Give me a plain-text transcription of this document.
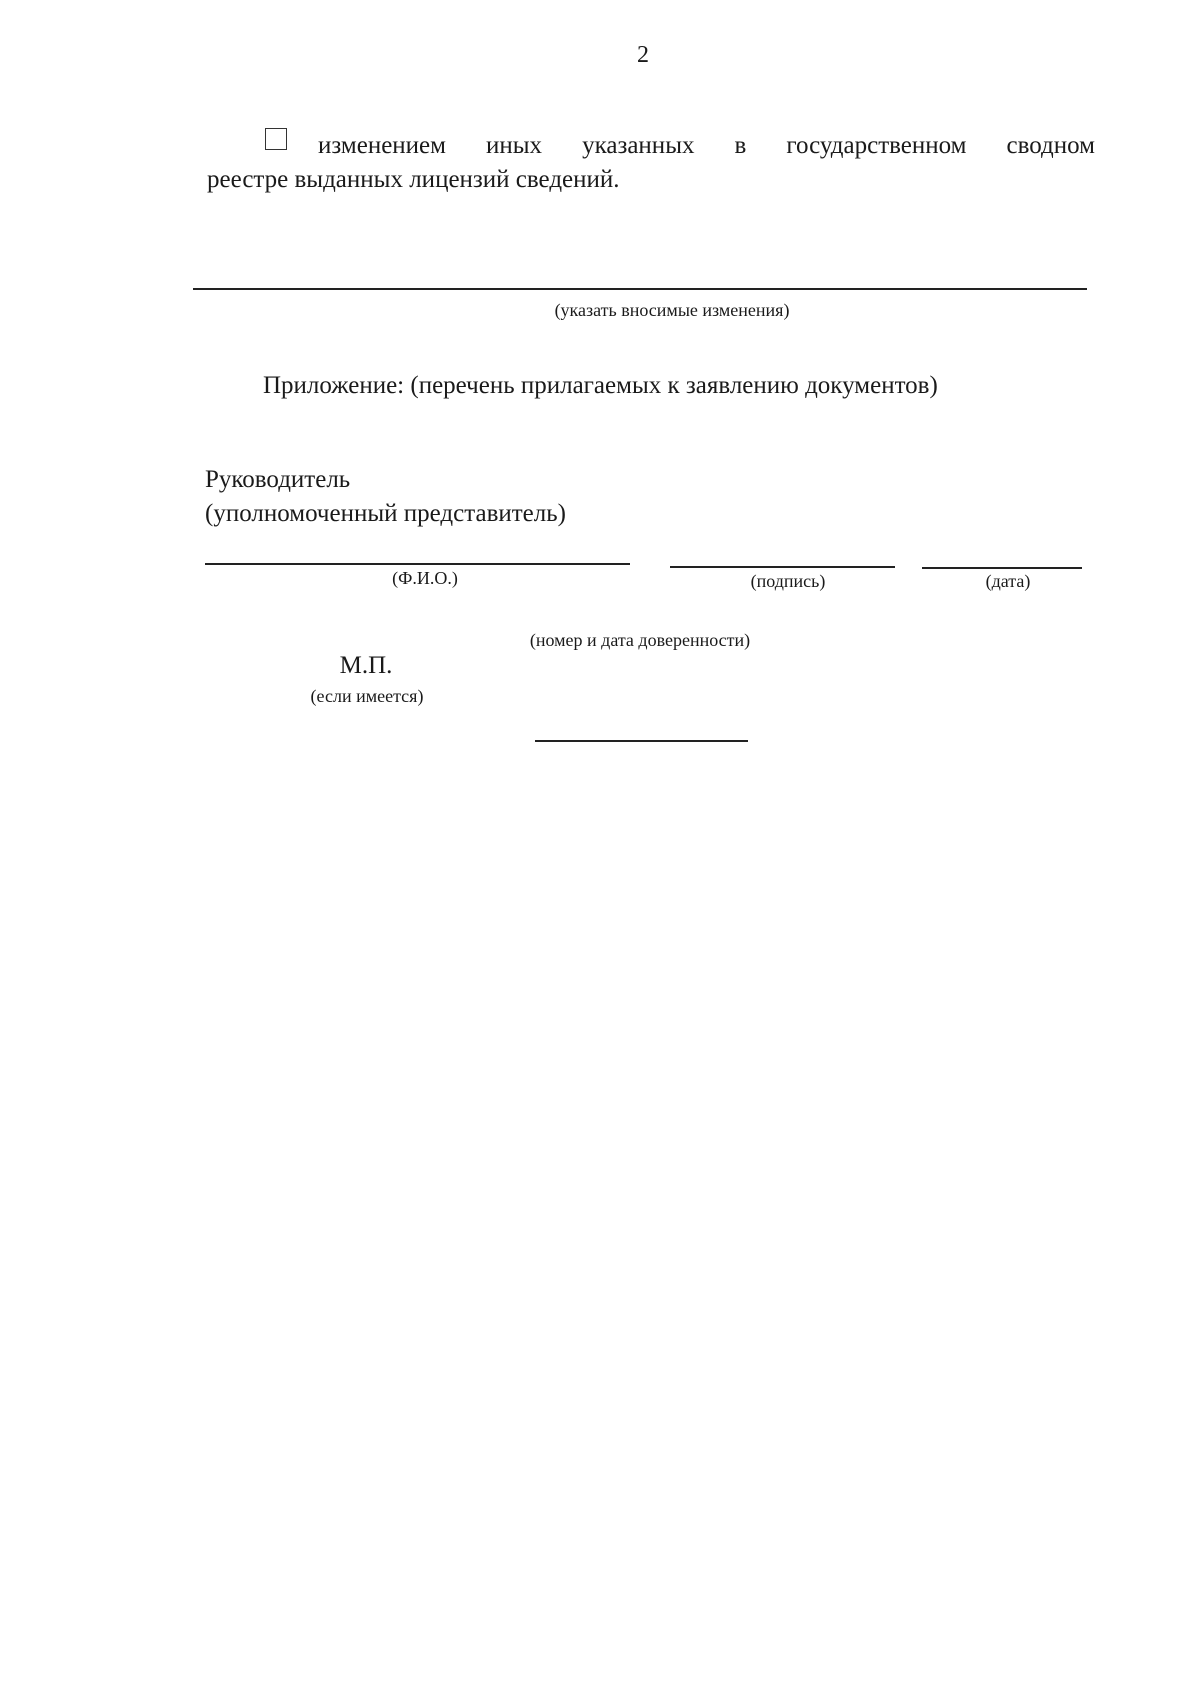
2
изменением иных указанных в государственном сводном
реестре выданных лицензий сведений.
(указать вносимые изменения)
Приложение: (перечень прилагаемых к заявлению документов)
Руководитель
(уполномоченный представитель)
(Ф.И.О.)	(подпись)	(дата)
(номер и дата доверенности)
М.П.
(если имеется)
